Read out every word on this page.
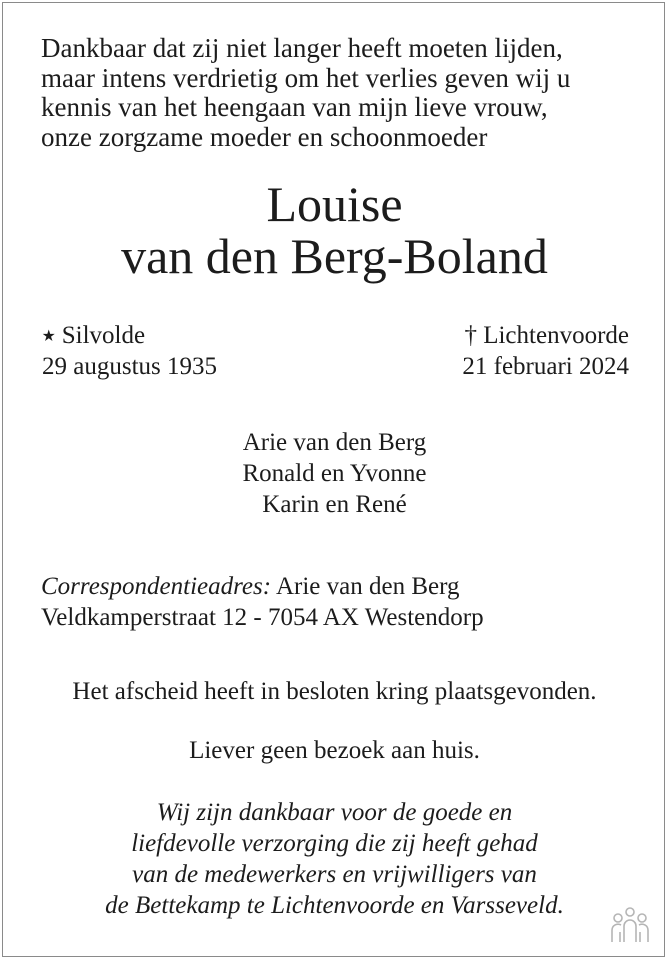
Dankbaar dat zij niet langer heeft moeten lijden,
maar intens verdrietig om het verlies geven wij u
kennis van het heengaan van mijn lieve vrouw,
onze zorgzame moeder en schoonmoeder
Louise
van den Berg-Boland
⭑ Silvolde
29 augustus 1935
† Lichtenvoorde
21 februari 2024
Arie van den Berg
Ronald en Yvonne
Karin en René
Correspondentieadres: Arie van den Berg
Veldkamperstraat 12 - 7054 AX Westendorp
Het afscheid heeft in besloten kring plaatsgevonden.
Liever geen bezoek aan huis.
Wij zijn dankbaar voor de goede en
liefdevolle verzorging die zij heeft gehad
van de medewerkers en vrijwilligers van
de Bettekamp te Lichtenvoorde en Varsseveld.
